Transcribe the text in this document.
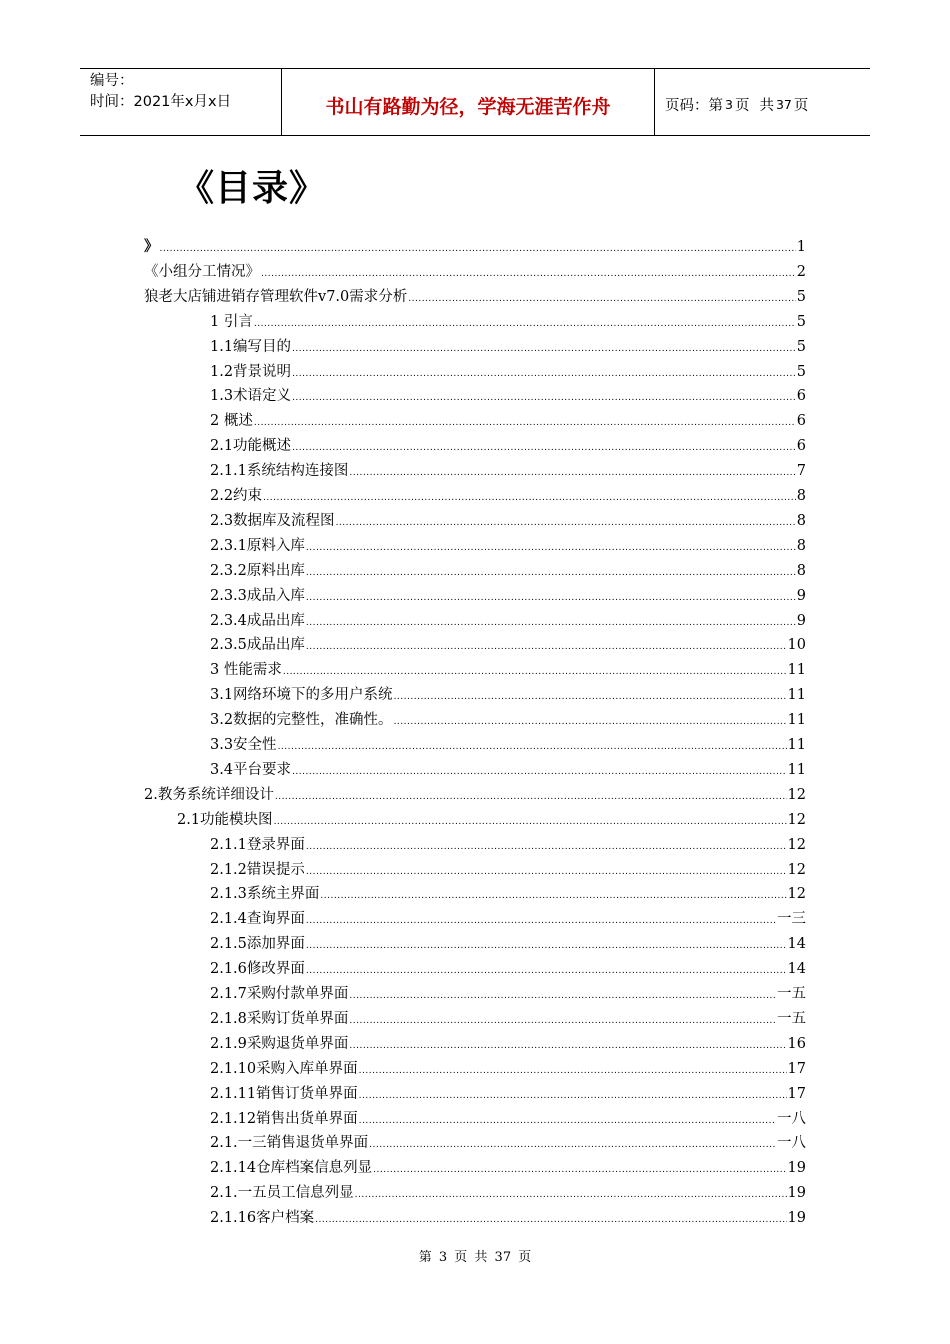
编号：
时间：2021年x月x日	书山有路勤为径，学海无涯苦作舟	页码：第 3 页 共 37 页
《目录》
》 .....	1
《小组分工情况》 .....	2
狼老大店铺进销存管理软件v7.0需求分析 .....	5
1 引言 .....	5
1.1编写目的 .....	5
1.2背景说明 .....	5
1.3术语定义 .....	6
2 概述 .....	6
2.1功能概述 .....	6
2.1.1系统结构连接图 .....	7
2.2约束 .....	8
2.3数据库及流程图 .....	8
2.3.1原料入库 .....	8
2.3.2原料出库 .....	8
2.3.3成品入库 .....	9
2.3.4成品出库 .....	9
2.3.5成品出库 .....	10
3 性能需求 .....	11
3.1网络环境下的多用户系统 .....	11
3.2数据的完整性，准确性。 .....	11
3.3安全性 .....	11
3.4平台要求 .....	11
2.教务系统详细设计 .....	12
2.1功能模块图 .....	12
2.1.1登录界面 .....	12
2.1.2错误提示 .....	12
2.1.3系统主界面 .....	12
2.1.4查询界面 .....	一三
2.1.5添加界面 .....	14
2.1.6修改界面 .....	14
2.1.7采购付款单界面 .....	一五
2.1.8采购订货单界面 .....	一五
2.1.9采购退货单界面 .....	16
2.1.10采购入库单界面 .....	17
2.1.11销售订货单界面 .....	17
2.1.12销售出货单界面 .....	一八
2.1.一三销售退货单界面 .....	一八
2.1.14仓库档案信息列显 .....	19
2.1.一五员工信息列显 .....	19
2.1.16客户档案 .....	19
第 3 页 共 37 页
